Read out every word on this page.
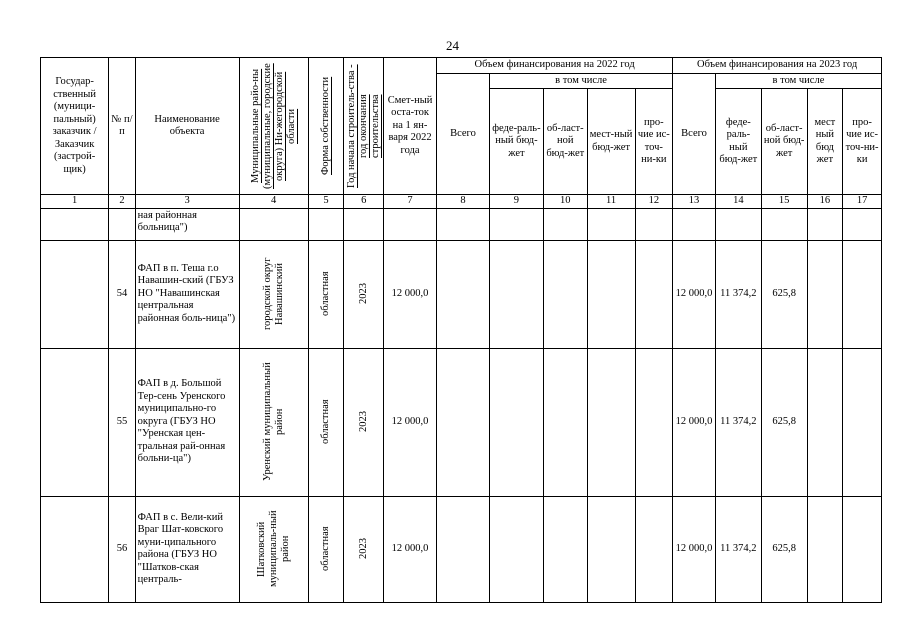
24
Государ-ственный (муници-пальный) заказчик / Заказчик (застрой-щик)	№ п/п	Наименование объекта	Муниципальные райо-ны (муниципальные, городские округа) Ни-жегородской области	Форма собственности	Год начала строитель-ства - год окончания строительства	Смет-ный оста-ток на 1 ян-варя 2022 года	Объем финансирования на 2022 год					Объем финансирования на 2023 год				
							Всего	в том числе				Всего	в том числе			
								феде-раль-ный бюд-жет	об-ласт-ной бюд-жет	мест-ный бюд-жет	про-чие ис-точ-ни-ки		феде-раль-ный бюд-жет	об-ласт-ной бюд-жет	мест ный бюд жет	про-чие ис-точ-ни-ки
1	2	3	4	5	6	7	8	9	10	11	12	13	14	15	16	17
		ная районная больница")														
	54	ФАП в п. Теша г.о Навашин-ский (ГБУЗ НО "Навашинская центральная районная боль-ница")	городской округ Навашинский	областная	2023	12 000,0						12 000,0	11 374,2	625,8		
	55	ФАП в д. Большой Тер-сень Уренского муниципально-го округа (ГБУЗ НО "Уренская цен-тральная рай-онная больни-ца")	Уренский муниципальный район	областная	2023	12 000,0						12 000,0	11 374,2	625,8		
	56	ФАП в с. Вели-кий Враг Шат-ковского муни-ципального района (ГБУЗ НО "Шатков-ская централь-	Шатковский муниципаль-ный район	областная	2023	12 000,0						12 000,0	11 374,2	625,8		
